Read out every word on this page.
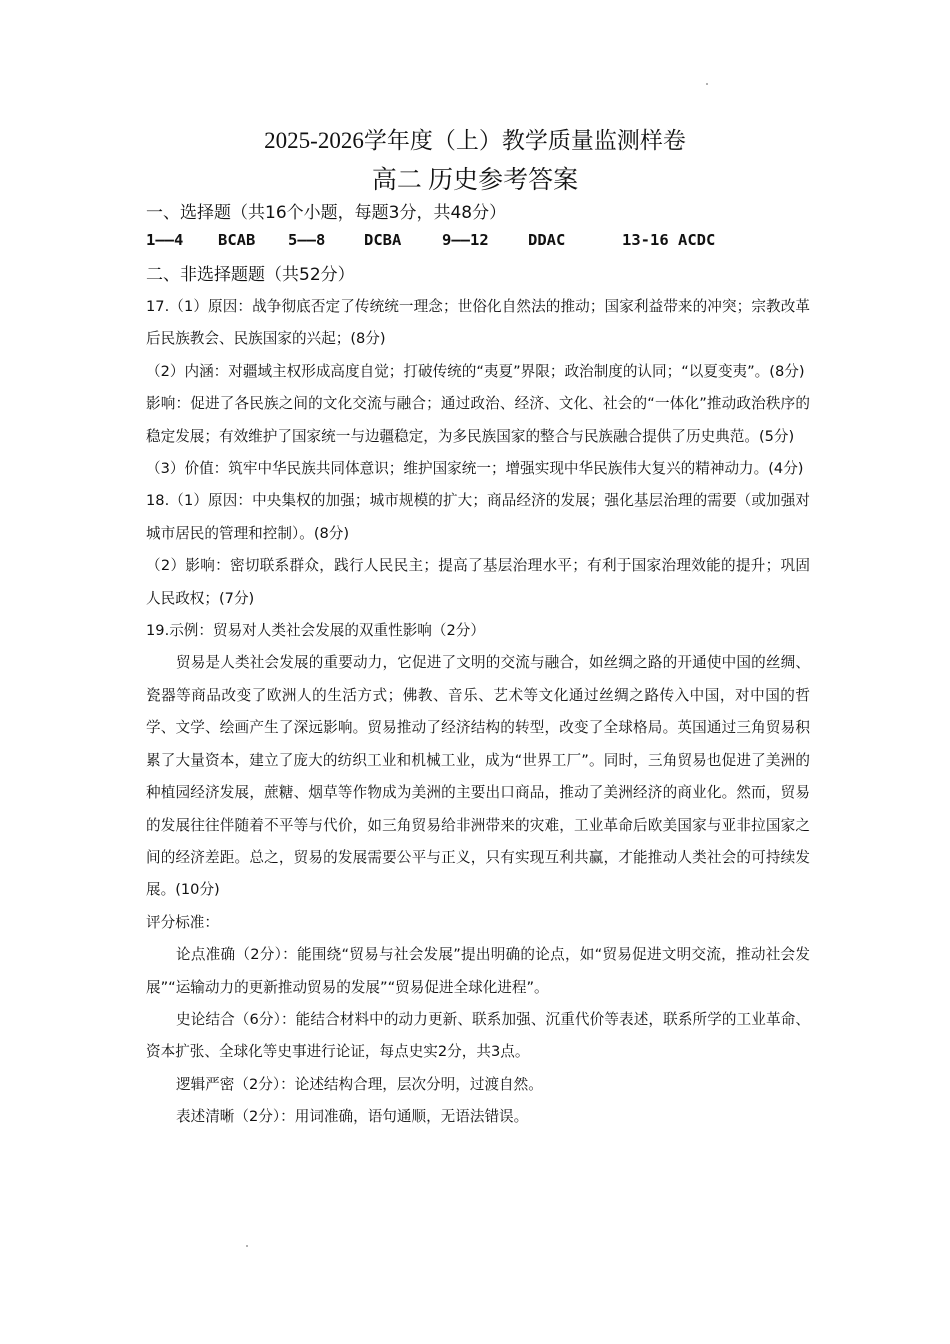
2025-2026学年度（上）教学质量监测样卷
高二 历史参考答案
一、选择题（共16个小题，每题3分，共48分）
1——4 BCAB 5——8 DCBA	9——12	DDAC	13-16 ACDC
二、非选择题题（共52分）

17.（1）原因：战争彻底否定了传统统一理念；世俗化自然法的推动；国家利益带来的冲突；宗教改革后民族教会、民族国家的兴起；(8分)

（2）内涵：对疆域主权形成高度自觉；打破传统的“夷夏”界限；政治制度的认同；“以夏变夷”。(8分)

影响：促进了各民族之间的文化交流与融合；通过政治、经济、文化、社会的“一体化”推动政治秩序的稳定发展；有效维护了国家统一与边疆稳定，为多民族国家的整合与民族融合提供了历史典范。(5分)

（3）价值：筑牢中华民族共同体意识；维护国家统一；增强实现中华民族伟大复兴的精神动力。(4分)

18.（1）原因：中央集权的加强；城市规模的扩大；商品经济的发展；强化基层治理的需要（或加强对城市居民的管理和控制）。(8分)

（2）影响：密切联系群众，践行人民民主；提高了基层治理水平；有利于国家治理效能的提升；巩固人民政权；(7分)

19.示例：贸易对人类社会发展的双重性影响（2分）

贸易是人类社会发展的重要动力，它促进了文明的交流与融合，如丝绸之路的开通使中国的丝绸、瓷器等商品改变了欧洲人的生活方式；佛教、音乐、艺术等文化通过丝绸之路传入中国，对中国的哲学、文学、绘画产生了深远影响。贸易推动了经济结构的转型，改变了全球格局。英国通过三角贸易积累了大量资本，建立了庞大的纺织工业和机械工业，成为“世界工厂”。同时，三角贸易也促进了美洲的种植园经济发展，蔗糖、烟草等作物成为美洲的主要出口商品，推动了美洲经济的商业化。然而，贸易的发展往往伴随着不平等与代价，如三角贸易给非洲带来的灾难，工业革命后欧美国家与亚非拉国家之间的经济差距。总之，贸易的发展需要公平与正义，只有实现互利共赢，才能推动人类社会的可持续发展。(10分)

评分标准：

论点准确（2分）：能围绕“贸易与社会发展”提出明确的论点，如“贸易促进文明交流，推动社会发展”“运输动力的更新推动贸易的发展”“贸易促进全球化进程”。

史论结合（6分）：能结合材料中的动力更新、联系加强、沉重代价等表述，联系所学的工业革命、资本扩张、全球化等史事进行论证，每点史实2分，共3点。

逻辑严密（2分）：论述结构合理，层次分明，过渡自然。

表述清晰（2分）：用词准确，语句通顺，无语法错误。
